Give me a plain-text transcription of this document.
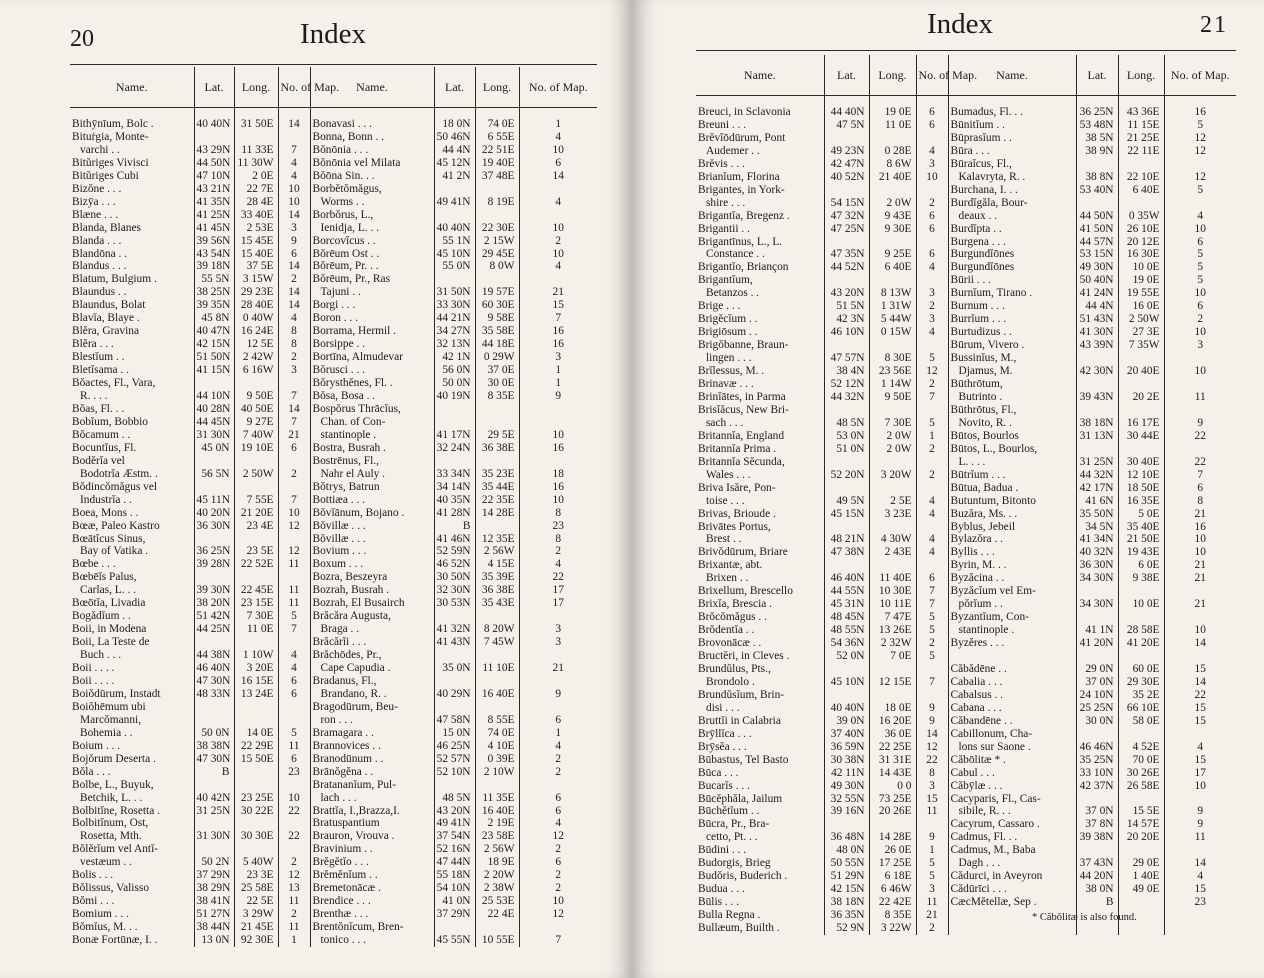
20	Index
Name.	Lat.	Long.	No. of Map.	Name.	Lat.	Long.	No. of Map.

Bithȳnīum, Bolc .	40 40N	31 50E	14	Bonavasi . . .	18 0N	74 0E	1
Bituṙgia, Monte-				Bonna, Bonn . .	50 46N	6 55E	4
varchi . .	43 29N	11 33E	7	Bŏnōnia . . .	44 4N	22 51E	10
Bitŭriges Vivisci	44 50N	11 30W	4	Bŏnōnia vel Milata	45 12N	19 40E	6
Bitŭriges Cubi	47 10N	2 0E	4	Bŏōna Sin. . .	41 2N	37 48E	14
Bizŏne . . .	43 21N	22 7E	10	Borbĕtŏmăgus,			
Bizȳa . . .	41 35N	28 4E	10	Worms . .	49 41N	8 19E	4
Blæne . . .	41 25N	33 40E	14	Borbŏrus, L.,			
Blanda, Blanes	41 45N	2 53E	3	Ienidja, L. . .	40 40N	22 30E	10
Blanda . . .	39 56N	15 45E	9	Borcovĭcus . .	55 1N	2 15W	2
Blandōna . .	43 54N	15 40E	6	Bŏrēum Ost . .	45 10N	29 45E	10
Blandus . . .	39 18N	37 5E	14	Bŏrēum, Pr. . .	55 0N	8 0W	4
Blatum, Bulgium .	55 5N	3 15W	2	Bŏrēum, Pr., Ras			
Blaundus . .	38 25N	29 23E	14	Tajuni . .	31 50N	19 57E	21
Blaundus, Bolat	39 35N	28 40E	14	Borgi . . .	33 30N	60 30E	15
Blavĭa, Blaye .	45 8N	0 40W	4	Boron . . .	44 21N	9 58E	7
Blĕra, Gravina	40 47N	16 24E	8	Borrama, Hermil .	34 27N	35 58E	16
Blĕra . . .	42 15N	12 5E	8	Borsippe . .	32 13N	44 18E	16
Blestĭum . .	51 50N	2 42W	2	Bortīna, Almudevar	42 1N	0 29W	3
Bletĭsama . .	41 15N	6 16W	3	Bŏrusci . . .	56 0N	37 0E	1
Bŏactes, Fl., Vara,				Bŏrysthĕnes, Fl. .	50 0N	30 0E	1
R. . . .	44 10N	9 50E	7	Bŏsa, Bosa . .	40 19N	8 35E	9
Bŏas, Fl. . .	40 28N	40 50E	14	Bospŏrus Thrācĭus,			
Bobĭum, Bobbio	44 45N	9 27E	7	Chan. of Con-			
Bŏcamum . .	31 30N	7 40W	21	stantinople .	41 17N	29 5E	10
Bocuntĭus, Fl.	45 0N	19 10E	6	Bostra, Busrah .	32 24N	36 38E	16
Bodĕrĭa vel				Bostrēnus, Fl.,			
Bodotrĭa Æstm. .	56 5N	2 50W	2	Nahr el Auly .	33 34N	35 23E	18
Bŏdincŏmăgus vel				Bŏtrys, Batrun	34 14N	35 44E	16
Industrĭa . .	45 11N	7 55E	7	Bottiæa . . .	40 35N	22 35E	10
Boea, Mons . .	40 20N	21 20E	10	Bŏvĭānum, Bojano .	41 28N	14 28E	8
Bœæ, Paleo Kastro	36 30N	23 4E	12	Bŏvillæ . . .	B		23
Bœātĭcus Sinus,				Bŏvillæ . . .	41 46N	12 35E	8
Bay of Vatika .	36 25N	23 5E	12	Bovium . . .	52 59N	2 56W	2
Bœbe . . .	39 28N	22 52E	11	Boxum . . .	46 52N	4 15E	4
Bœbēĭs Palus,				Bozra, Beszeyra	30 50N	35 39E	22
Carlas, L. . .	39 30N	22 45E	11	Bozrah, Busrah .	32 30N	36 38E	17
Bœōtĭa, Livadia	38 20N	23 15E	11	Bozrah, El Busairch	30 53N	35 43E	17
Bogădĭum . .	51 42N	7 30E	5	Brăcăra Augusta,			
Boii, in Modena	44 25N	11 0E	7	Braga . .	41 32N	8 20W	3
Boii, La Teste de				Brăcărĭi . . .	41 43N	7 45W	3
Buch . . .	44 38N	1 10W	4	Brăchōdes, Pr.,			
Boii . . . .	46 40N	3 20E	4	Cape Capudia .	35 0N	11 10E	21
Boii . . . .	47 30N	16 15E	6	Bradanus, Fl.,			
Boiŏdūrum, Instadt	48 33N	13 24E	6	Brandano, R. .	40 29N	16 40E	9
Boiŏhēmum ubi				Bragodūrum, Beu-			
Marcŏmanni,				ron . . .	47 58N	8 55E	6
Bohemia . .	50 0N	14 0E	5	Bramagara . .	15 0N	74 0E	1
Boium . . .	38 38N	22 29E	11	Brannovices . .	46 25N	4 10E	4
Bojŏrum Deserta .	47 30N	15 50E	6	Branodūnum . .	52 57N	0 39E	2
Bŏla . . .	B		23	Brānŏgĕna . .	52 10N	2 10W	2
Bolbe, L., Buyuk,				Bratananĭum, Pul-			
Betchik, L. . .	40 42N	23 25E	10	lach . . .	48 5N	11 35E	6
Bolbitĭne, Rosetta .	31 25N	30 22E	22	Brattĭa, I.,Brazza,I.	43 20N	16 40E	6
Bolbitĭnum, Ost,				Bratuspantium	49 41N	2 19E	4
Rosetta, Mth.	31 30N	30 30E	22	Brauron, Vrouva .	37 54N	23 58E	12
Bŏlĕrĭum vel Antĭ-				Bravinium . .	52 16N	2 56W	2
vestæum . .	50 2N	5 40W	2	Brĕgĕtĭo . . .	47 44N	18 9E	6
Bolis . . .	37 29N	23 3E	12	Brĕmĕnĭum . .	55 18N	2 20W	2
Bŏlissus, Valisso	38 29N	25 58E	13	Bremetonācæ .	54 10N	2 38W	2
Bŏmi . . .	38 41N	22 5E	11	Brendice . . .	41 0N	25 53E	10
Bomium . . .	51 27N	3 29W	2	Brenthæ . . .	37 29N	22 4E	12
Bŏmĭus, M. . .	38 44N	21 45E	11	Brentŏnĭcum, Bren-			
Bonæ Fortūnæ, I. .	13 0N	92 30E	1	tonico . . .	45 55N	10 55E	7
Index	21
Name.	Lat.	Long.	No. of Map.	Name.	Lat.	Long.	No. of Map.

Breuci, in Sclavonia	44 40N	19 0E	6	Bumadus, Fl. . .	36 25N	43 36E	16
Breuni . . .	47 5N	11 0E	6	Būnitĭum . .	53 48N	11 15E	5
Brĕvĭōdūrum, Pont				Būprasĭum . .	38 5N	21 25E	12
Audemer . .	49 23N	0 28E	4	Būra . . .	38 9N	22 11E	12
Brĕvis . . .	42 47N	8 6W	3	Būraĭcus, Fl.,			
Brianĭum, Florina	40 52N	21 40E	10	Kalavryta, R. .	38 8N	22 10E	12
Brigantes, in York-				Burchana, I. . .	53 40N	6 40E	5
shire . . .	54 15N	2 0W	2	Burdĭgăla, Bour-			
Brigantĭa, Bregenz .	47 32N	9 43E	6	deaux . .	44 50N	0 35W	4
Brigantii . .	47 25N	9 30E	6	Burdĭpta . .	41 50N	26 10E	10
Brigantīnus, L., L.				Burgena . . .	44 57N	20 12E	6
Constance . .	47 35N	9 25E	6	Burgundĭōnes	53 15N	16 30E	5
Brigantĭo, Briançon	44 52N	6 40E	4	Burgundĭōnes	49 30N	10 0E	5
Brigantĭum,				Būrii . . .	50 40N	19 0E	5
Betanzos . .	43 20N	8 13W	3	Burnĭum, Tirano .	41 24N	19 55E	10
Brige . . .	51 5N	1 31W	2	Burnum . . .	44 4N	16 0E	6
Brigĕcĭum . .	42 3N	5 44W	3	Burrĭum . . .	51 43N	2 50W	2
Brigiōsum . .	46 10N	0 15W	4	Burtudizus . .	41 30N	27 3E	10
Brigŏbanne, Braun-				Būrum, Vivero .	43 39N	7 35W	3
lingen . . .	47 57N	8 30E	5	Bussinĭus, M.,			
Brĭlessus, M. .	38 4N	23 56E	12	Djamus, M.	42 30N	20 40E	10
Brinavæ . . .	52 12N	1 14W	2	Būthrōtum,			
Brinĭātes, in Parma	44 32N	9 50E	7	Butrinto .	39 43N	20 2E	11
Brisĭăcus, New Bri-				Būthrōtus, Fl.,			
sach . . .	48 5N	7 30E	5	Novito, R. .	38 18N	16 17E	9
Britannĭa, England	53 0N	2 0W	1	Būtos, Bourlos	31 13N	30 44E	22
Britannĭa Prima .	51 0N	2 0W	2	Būtos, L., Bourlos,			
Britannĭa Sĕcunda,				L. . . .	31 25N	30 40E	22
Wales . . .	52 20N	3 20W	2	Būtrĭum . . .	44 32N	12 10E	7
Briva Isăre, Pon-				Būtua, Badua .	42 17N	18 50E	6
toise . . .	49 5N	2 5E	4	Butuntum, Bitonto	41 6N	16 35E	8
Brivas, Brioude .	45 15N	3 23E	4	Buzăra, Ms. . .	35 50N	5 0E	21
Brivātes Portus,				Byblus, Jebeil	34 5N	35 40E	16
Brest . .	48 21N	4 30W	4	Bylazŏra . .	41 34N	21 50E	10
Brivŏdūrum, Briare	47 38N	2 43E	4	Byllis . . .	40 32N	19 43E	10
Brixantæ, abt.				Byrin, M. . .	36 30N	6 0E	21
Brixen . .	46 40N	11 40E	6	Byzăcina . .	34 30N	9 38E	21
Brixellum, Brescello	44 55N	10 30E	7	Byzăcĭum vel Em-			
Brixĭa, Brescia .	45 31N	10 11E	7	pŏrĭum . .	34 30N	10 0E	21
Brŏcŏmăgus . .	48 45N	7 47E	5	Byzantĭum, Con-			
Brŏdentĭa . .	48 55N	13 26E	5	stantinople .	41 1N	28 58E	10
Brovonācæ . .	54 36N	2 32W	2	Byzĕres . . .	41 20N	41 20E	14
Bructĕri, in Cleves .	52 0N	7 0E	5				
Brundŭlus, Pts.,				Căbădēne . .	29 0N	60 0E	15
Brondolo .	45 10N	12 15E	7	Cabalia . . .	37 0N	29 30E	14
Brundŭsĭum, Brin-				Cabalsus . .	24 10N	35 2E	22
disi . . .	40 40N	18 0E	9	Cabana . . .	25 25N	66 10E	15
Bruttĭi in Calabria	39 0N	16 20E	9	Căbandēne . .	30 0N	58 0E	15
Brȳllĭca . . .	37 40N	36 0E	14	Cabillonum, Cha-			
Brȳsĕa . . .	36 59N	22 25E	12	lons sur Saone .	46 46N	4 52E	4
Būbastus, Tel Basto	30 38N	31 31E	22	Căbōlitæ * .	35 25N	70 0E	15
Būca . . .	42 11N	14 43E	8	Cabul . . .	33 10N	30 26E	17
Bucarĭs . . .	49 30N	0 0	3	Căbȳlæ . . .	42 37N	26 58E	10
Būcĕphăla, Jailum	32 55N	73 25E	15	Cacyparis, Fl., Cas-			
Būchĕtĭum . .	39 16N	20 26E	11	sibile, R. . .	37 0N	15 5E	9
Būcra, Pr., Bra-				Cacyrum, Cassaro .	37 8N	14 57E	9
cetto, Pt. . .	36 48N	14 28E	9	Cadmus, Fl. . .	39 38N	20 20E	11
Būdini . . .	48 0N	26 0E	1	Cadmus, M., Baba			
Budorgis, Brieg	50 55N	17 25E	5	Dagh . . .	37 43N	29 0E	14
Budŏris, Buderich .	51 29N	6 18E	5	Cădurci, in Aveyron	44 20N	1 40E	4
Buduа . . .	42 15N	6 46W	3	Cădūrīci . . .	38 0N	49 0E	15
Būlis . . .	38 18N	22 42E	11	CæcMĕtellæ, Sep .	B		23
Bulla Regna .	36 35N	8 35E	21				
Bullæum, Builth .	52 9N	3 22W	2				
* Căbōlitæ is also found.
